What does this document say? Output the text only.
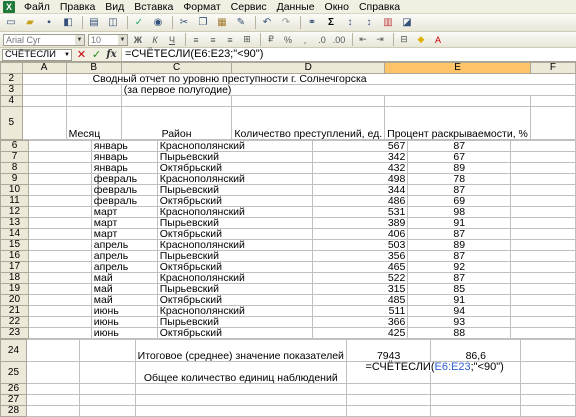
X	Файл Правка Вид Вставка Формат Сервис Данные Окно Справка
▭	▰	▪	◧	▤ ◫	✓	◉	✂	❐ ▦	✎	↶	↷	⚭	Σ	↕	↕	▥ ◪
Arial Cyr	▼ 10	▼ Ж	К	Ч	≡	≡	≡	⊞	₽	%	,	.0 .00	⇤	⇥	⊟	◆	A
СЧЁТЕСЛИ ▼ ✕ ✓ fx =СЧЁТЕСЛИ(E6:E23;"<90")
	A	B	C	D	E	F
2		Сводный отчет по уровню преступности г. Солнечгорска				
3			(за первое полугодие)			
4						
5		Месяц	Район	Количество преступлений, ед.	Процент раскрываемости, %	
6		январь	Краснополянский	567	87	
7		январь	Пырьевский	342	67	
8		январь	Октябрьский	432	89	
9		февраль	Краснополянский	498	78	
10		февраль	Пырьевский	344	87	
11		февраль	Октябрьский	486	69	
12		март	Краснополянский	531	98	
13		март	Пырьевский	389	91	
14		март	Октябрьский	406	87	
15		апрель	Краснополянский	503	89	
16		апрель	Пырьевский	356	87	
17		апрель	Октябрьский	465	92	
18		май	Краснополянский	522	87	
19		май	Пырьевский	315	85	
20		май	Октябрьский	485	91	
21		июнь	Краснополянский	511	94	
22		июнь	Пырьевский	366	93	
23		июнь	Октябрьский	425	88	
24			Итоговое (среднее) значение показателей	7943	86,6	
25			Общее количество единиц наблюдений		=СЧЁТЕСЛИ(E6:E23;"<90")	

26						
27						
28						
